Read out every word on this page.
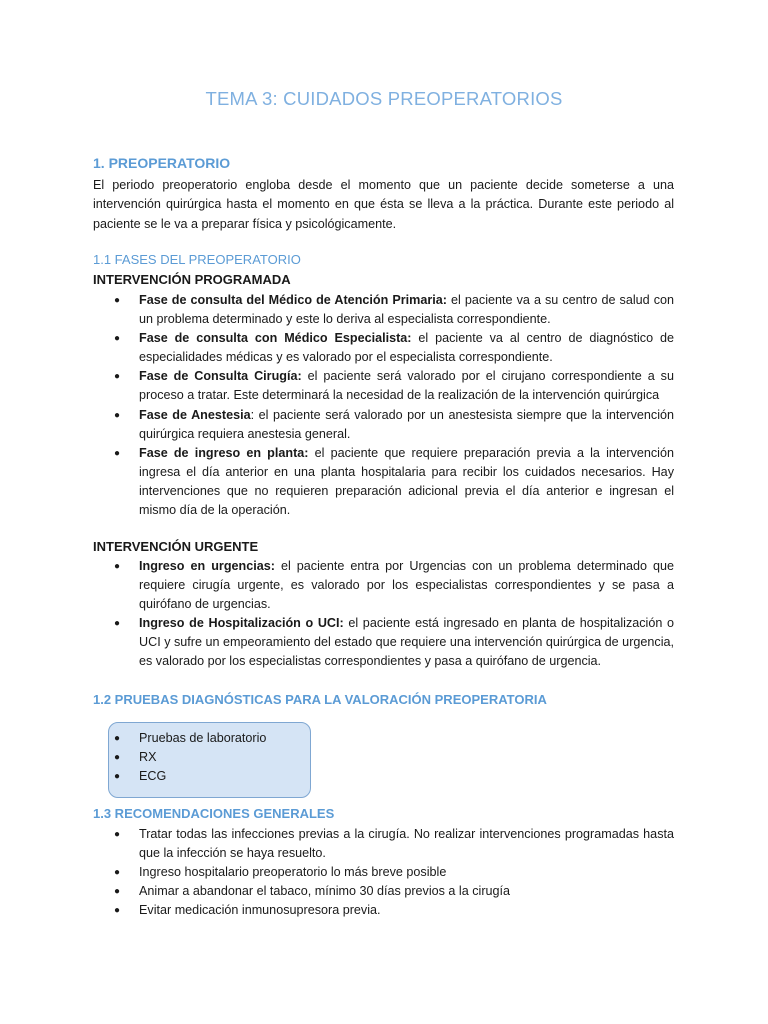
TEMA 3: CUIDADOS PREOPERATORIOS
1. PREOPERATORIO
El periodo preoperatorio engloba desde el momento que un paciente decide someterse a una intervención quirúrgica hasta el momento en que ésta se lleva a la práctica. Durante este periodo al paciente se le va a preparar física y psicológicamente.
1.1 FASES DEL PREOPERATORIO
INTERVENCIÓN PROGRAMADA
● Fase de consulta del Médico de Atención Primaria: el paciente va a su centro de salud con un problema determinado y este lo deriva al especialista correspondiente.
● Fase de consulta con Médico Especialista: el paciente va al centro de diagnóstico de especialidades médicas y es valorado por el especialista correspondiente.
● Fase de Consulta Cirugía: el paciente será valorado por el cirujano correspondiente a su proceso a tratar. Este determinará la necesidad de la realización de la intervención quirúrgica
● Fase de Anestesia: el paciente será valorado por un anestesista siempre que la intervención quirúrgica requiera anestesia general.
● Fase de ingreso en planta: el paciente que requiere preparación previa a la intervención ingresa el día anterior en una planta hospitalaria para recibir los cuidados necesarios. Hay intervenciones que no requieren preparación adicional previa el día anterior e ingresan el mismo día de la operación.
INTERVENCIÓN URGENTE
● Ingreso en urgencias: el paciente entra por Urgencias con un problema determinado que requiere cirugía urgente, es valorado por los especialistas correspondientes y se pasa a quirófano de urgencias.
● Ingreso de Hospitalización o UCI: el paciente está ingresado en planta de hospitalización o UCI y sufre un empeoramiento del estado que requiere una intervención quirúrgica de urgencia, es valorado por los especialistas correspondientes y pasa a quirófano de urgencia.
1.2 PRUEBAS DIAGNÓSTICAS PARA LA VALORACIÓN PREOPERATORIA
● Pruebas de laboratorio
● RX
● ECG
1.3 RECOMENDACIONES GENERALES
● Tratar todas las infecciones previas a la cirugía. No realizar intervenciones programadas hasta que la infección se haya resuelto.
● Ingreso hospitalario preoperatorio lo más breve posible
● Animar a abandonar el tabaco, mínimo 30 días previos a la cirugía
● Evitar medicación inmunosupresora previa.
